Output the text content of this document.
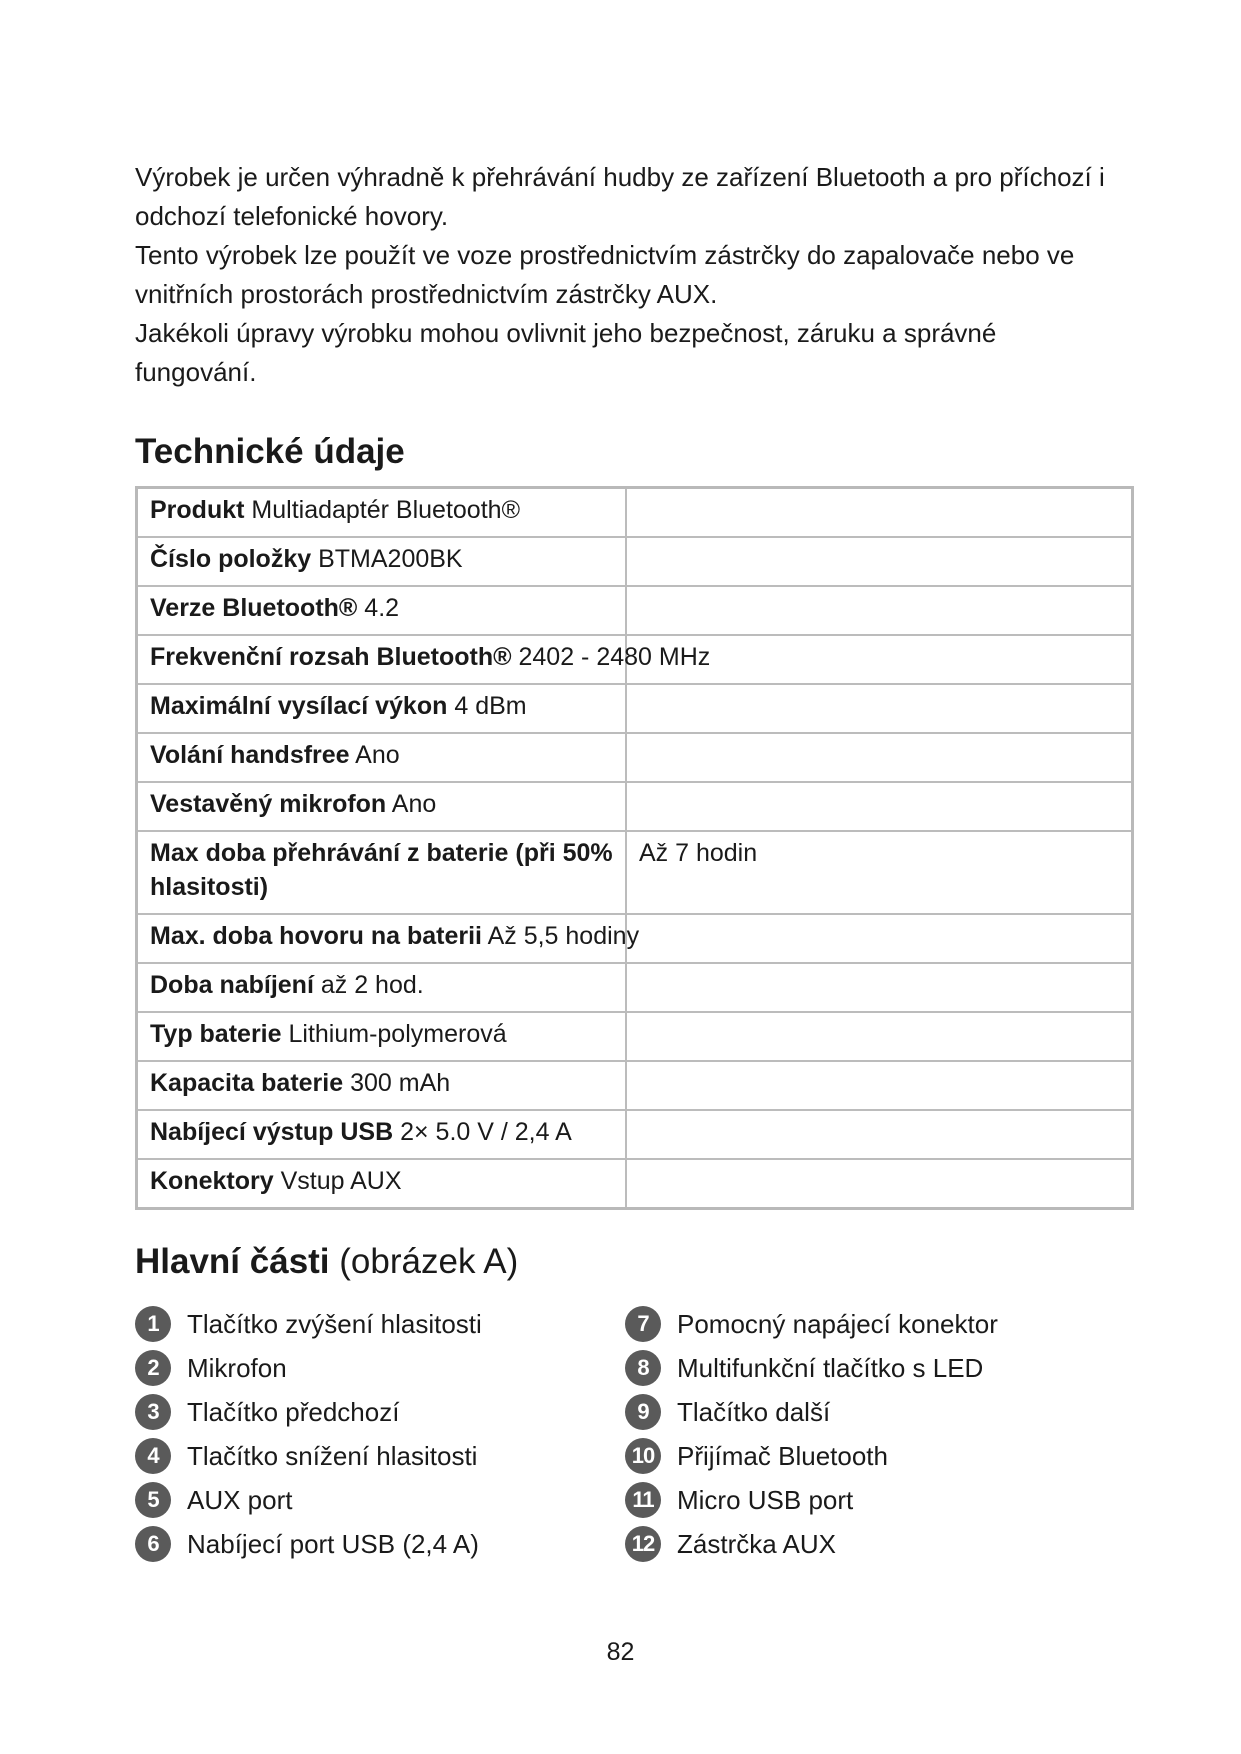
Výrobek je určen výhradně k přehrávání hudby ze zařízení Bluetooth a pro příchozí i odchozí telefonické hovory.

Tento výrobek lze použít ve voze prostřednictvím zástrčky do zapalovače nebo ve vnitřních prostorách prostřednictvím zástrčky AUX.

Jakékoli úpravy výrobku mohou ovlivnit jeho bezpečnost, záruku a správné fungování.

Technické údaje
Produkt Multiadaptér Bluetooth®	
Číslo položky BTMA200BK	
Verze Bluetooth® 4.2	
Frekvenční rozsah Bluetooth® 2402 - 2480 MHz	
Maximální vysílací výkon 4 dBm	
Volání handsfree Ano	
Vestavěný mikrofon Ano	
Max doba přehrávání z baterie (při 50% hlasitosti)	Až 7 hodin
Max. doba hovoru na baterii Až 5,5 hodiny	
Doba nabíjení až 2 hod.	
Typ baterie Lithium-polymerová	
Kapacita baterie 300 mAh	
Nabíjecí výstup USB 2× 5.0 V / 2,4 A	
Konektory Vstup AUX	
Hlavní části (obrázek A)
1	Tlačítko zvýšení hlasitosti
2	Mikrofon
3	Tlačítko předchozí
4	Tlačítko snížení hlasitosti
5	AUX port
6	Nabíjecí port USB (2,4 A)
7	Pomocný napájecí konektor
8	Multifunkční tlačítko s LED
9	Tlačítko další
10 Přijímač Bluetooth
11 Micro USB port
12 Zástrčka AUX
82
